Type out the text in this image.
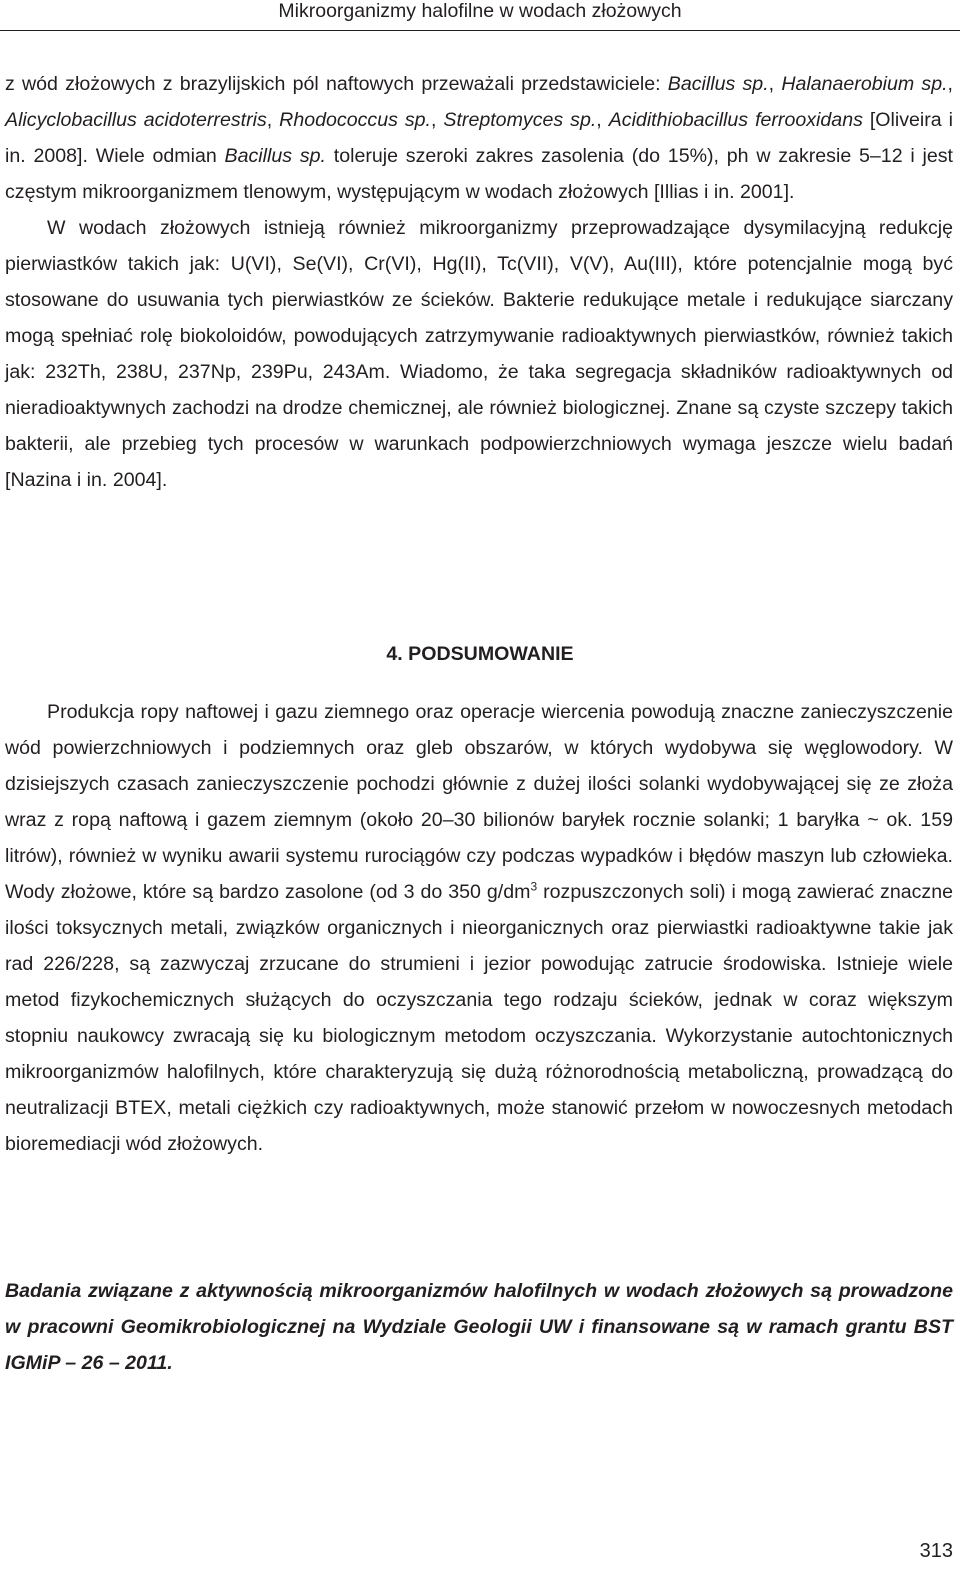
Mikroorganizmy halofilne w wodach złożowych

z wód złożowych z brazylijskich pól naftowych przeważali przedstawiciele: Bacillus sp., Halanaerobium sp., Alicyclobacillus acidoterrestris, Rhodococcus sp., Streptomyces sp., Acidithiobacillus ferrooxidans [Oliveira i in. 2008]. Wiele odmian Bacillus sp. toleruje szeroki zakres zasolenia (do 15%), ph w zakresie 5–12 i jest częstym mikroorganizmem tlenowym, występującym w wodach złożowych [Illias i in. 2001].

W wodach złożowych istnieją również mikroorganizmy przeprowadzające dysymilacyjną redukcję pierwiastków takich jak: U(VI), Se(VI), Cr(VI), Hg(II), Tc(VII), V(V), Au(III), które potencjalnie mogą być stosowane do usuwania tych pierwiastków ze ścieków. Bakterie redukujące metale i redukujące siarczany mogą spełniać rolę biokoloidów, powodujących zatrzymywanie radioaktywnych pierwiastków, również takich jak: 232Th, 238U, 237Np, 239Pu, 243Am. Wiadomo, że taka segregacja składników radioaktywnych od nieradioaktywnych zachodzi na drodze chemicznej, ale również biologicznej. Znane są czyste szczepy takich bakterii, ale przebieg tych procesów w warunkach podpowierzchniowych wymaga jeszcze wielu badań [Nazina i in. 2004].

4. PODSUMOWANIE

Produkcja ropy naftowej i gazu ziemnego oraz operacje wiercenia powodują znaczne zanieczyszczenie wód powierzchniowych i podziemnych oraz gleb obszarów, w których wydobywa się węglowodory. W dzisiejszych czasach zanieczyszczenie pochodzi głównie z dużej ilości solanki wydobywającej się ze złoża wraz z ropą naftową i gazem ziemnym (około 20–30 bilionów baryłek rocznie solanki; 1 baryłka ~ ok. 159 litrów), również w wyniku awarii systemu rurociągów czy podczas wypadków i błędów maszyn lub człowieka. Wody złożowe, które są bardzo zasolone (od 3 do 350 $g/dm^3$ rozpuszczonych soli) i mogą zawierać znaczne ilości toksycznych metali, związków organicznych i nieorganicznych oraz pierwiastki radioaktywne takie jak rad 226/228, są zazwyczaj zrzucane do strumieni i jezior powodując zatrucie środowiska. Istnieje wiele metod fizykochemicznych służących do oczyszczania tego rodzaju ścieków, jednak w coraz większym stopniu naukowcy zwracają się ku biologicznym metodom oczyszczania. Wykorzystanie autochtonicznych mikroorganizmów halofilnych, które charakteryzują się dużą różnorodnością metaboliczną, prowadzącą do neutralizacji BTEX, metali ciężkich czy radioaktywnych, może stanowić przełom w nowoczesnych metodach bioremediacji wód złożowych.

Badania związane z aktywnością mikroorganizmów halofilnych w wodach złożowych są prowadzone w pracowni Geomikrobiologicznej na Wydziale Geologii UW i finansowane są w ramach grantu BST IGMiP – 26 – 2011.

313
